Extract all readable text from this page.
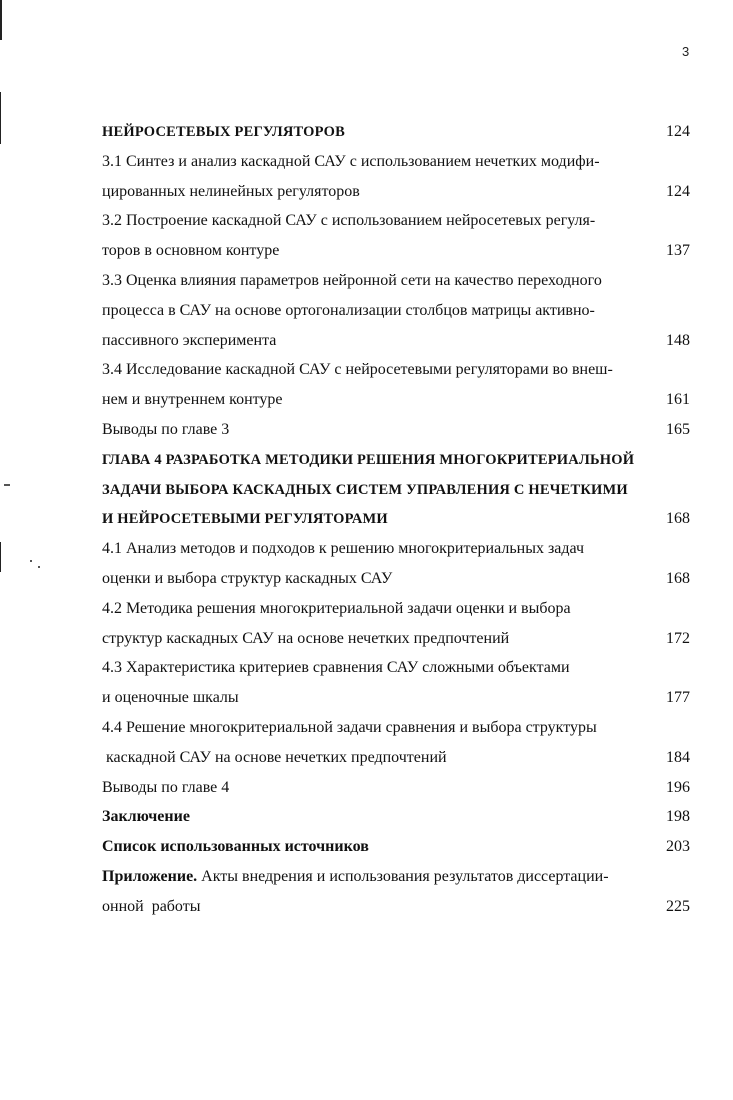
3
НЕЙРОСЕТЕВЫХ РЕГУЛЯТОРОВ	124
3.1 Синтез и анализ каскадной САУ с использованием нечетких модифи-
цированных нелинейных регуляторов	124
3.2 Построение каскадной САУ с использованием нейросетевых регуля-
торов в основном контуре	137
3.3 Оценка влияния параметров нейронной сети на качество переходного
процесса в САУ на основе ортогонализации столбцов матрицы активно-
пассивного эксперимента	148
3.4 Исследование каскадной САУ с нейросетевыми регуляторами во внеш-
нем и внутреннем контуре	161
Выводы по главе 3	165
ГЛАВА 4 РАЗРАБОТКА МЕТОДИКИ РЕШЕНИЯ МНОГОКРИТЕРИАЛЬНОЙ
ЗАДАЧИ ВЫБОРА КАСКАДНЫХ СИСТЕМ УПРАВЛЕНИЯ С НЕЧЕТКИМИ
И НЕЙРОСЕТЕВЫМИ РЕГУЛЯТОРАМИ	168
4.1 Анализ методов и подходов к решению многокритериальных задач
оценки и выбора структур каскадных САУ	168
4.2 Методика решения многокритериальной задачи оценки и выбора
структур каскадных САУ на основе нечетких предпочтений	172
4.3 Характеристика критериев сравнения САУ сложными объектами
и оценочные шкалы	177
4.4 Решение многокритериальной задачи сравнения и выбора структуры
каскадной САУ на основе нечетких предпочтений	184
Выводы по главе 4	196
Заключение	198
Список использованных источников	203
Приложение. Акты внедрения и использования результатов диссертации-
онной  работы	225
